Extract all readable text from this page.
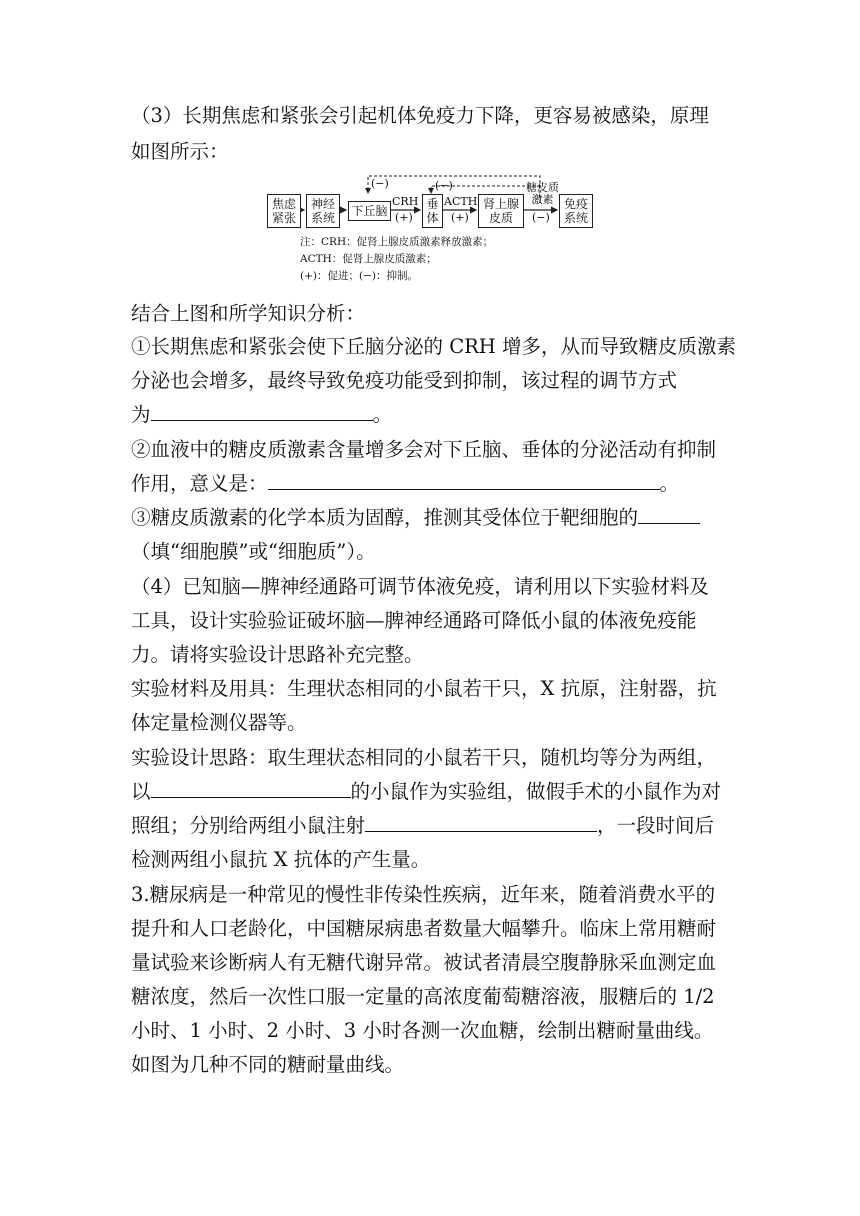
（3）长期焦虑和紧张会引起机体免疫力下降，更容易被感染，原理
如图所示：
焦虑
紧张
神经
系统 下丘脑	垂
体
肾上腺
皮质
免疫
系统
CRH
(+)
ACTH
(+)
糖皮质
激素
(−)
(−)	(−)
注：CRH：促肾上腺皮质激素释放激素；
ACTH：促肾上腺皮质激素；
(+)：促进；(−)：抑制。
结合上图和所学知识分析：
①长期焦虑和紧张会使下丘脑分泌的 CRH 增多，从而导致糖皮质激素
分泌也会增多，最终导致免疫功能受到抑制，该过程的调节方式
为	。
②血液中的糖皮质激素含量增多会对下丘脑、垂体的分泌活动有抑制
作用，意义是：	。
③糖皮质激素的化学本质为固醇，推测其受体位于靶细胞的
（填“细胞膜”或“细胞质”）。
（4）已知脑—脾神经通路可调节体液免疫，请利用以下实验材料及
工具，设计实验验证破坏脑—脾神经通路可降低小鼠的体液免疫能
力。请将实验设计思路补充完整。
实验材料及用具：生理状态相同的小鼠若干只，X 抗原，注射器，抗
体定量检测仪器等。
实验设计思路：取生理状态相同的小鼠若干只，随机均等分为两组，
以	的小鼠作为实验组，做假手术的小鼠作为对
照组；分别给两组小鼠注射	，一段时间后
检测两组小鼠抗 X 抗体的产生量。
3.糖尿病是一种常见的慢性非传染性疾病，近年来，随着消费水平的
提升和人口老龄化，中国糖尿病患者数量大幅攀升。临床上常用糖耐
量试验来诊断病人有无糖代谢异常。被试者清晨空腹静脉采血测定血
糖浓度，然后一次性口服一定量的高浓度葡萄糖溶液，服糖后的 1/2
小时、1 小时、2 小时、3 小时各测一次血糖，绘制出糖耐量曲线。
如图为几种不同的糖耐量曲线。
